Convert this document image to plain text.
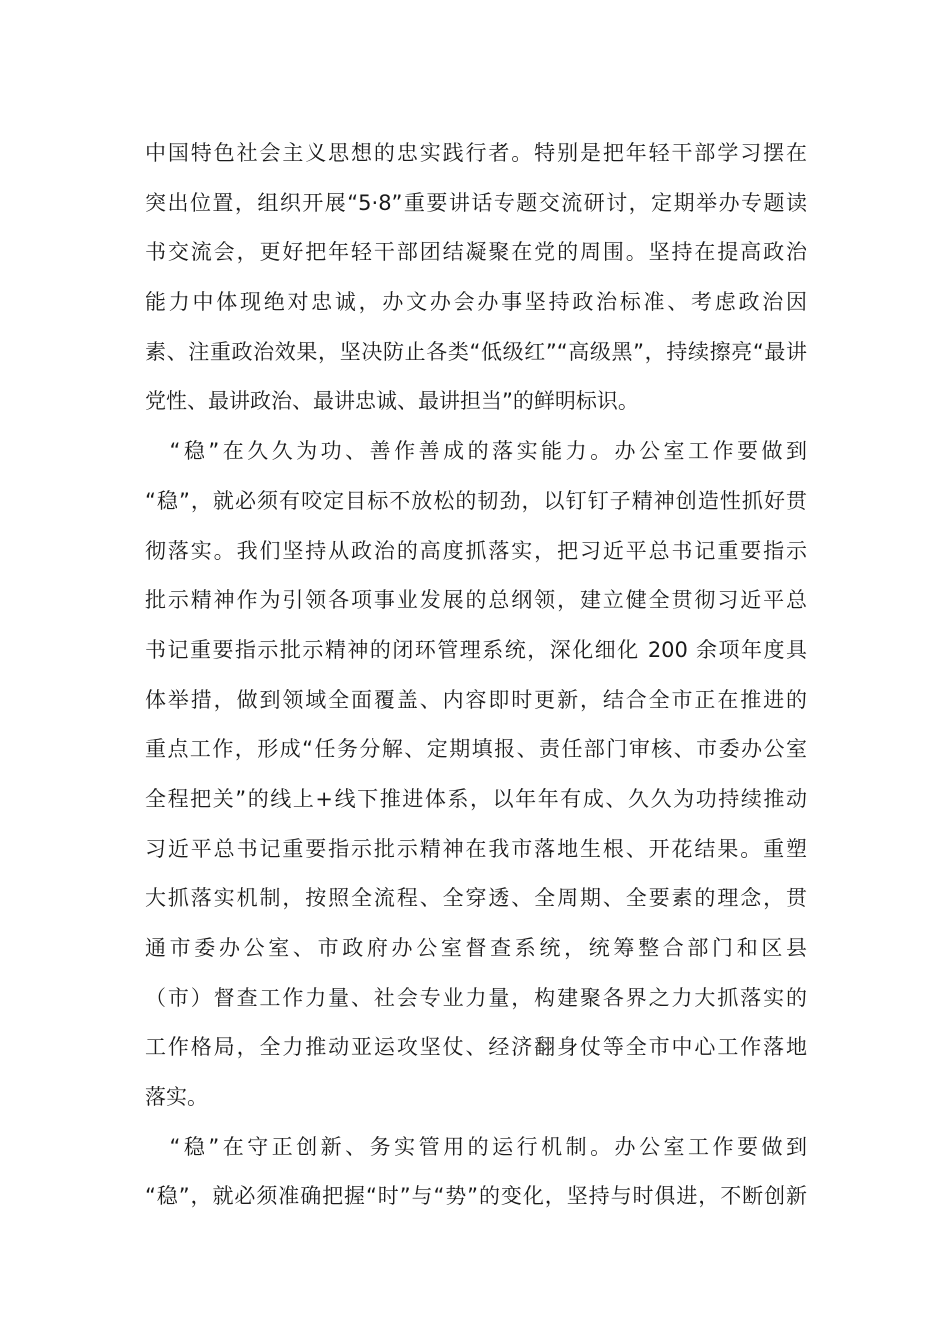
中国特色社会主义思想的忠实践行者。特别是把年轻干部学习摆在
突出位置，组织开展“5·8”重要讲话专题交流研讨，定期举办专题读
书交流会，更好把年轻干部团结凝聚在党的周围。坚持在提高政治
能力中体现绝对忠诚，办文办会办事坚持政治标准、考虑政治因
素、注重政治效果，坚决防止各类“低级红”“高级黑”，持续擦亮“最讲
党性、最讲政治、最讲忠诚、最讲担当”的鲜明标识。
　“稳”在久久为功、善作善成的落实能力。办公室工作要做到
“稳”，就必须有咬定目标不放松的韧劲，以钉钉子精神创造性抓好贯
彻落实。我们坚持从政治的高度抓落实，把习近平总书记重要指示
批示精神作为引领各项事业发展的总纲领，建立健全贯彻习近平总
书记重要指示批示精神的闭环管理系统，深化细化 200 余项年度具
体举措，做到领域全面覆盖、内容即时更新，结合全市正在推进的
重点工作，形成“任务分解、定期填报、责任部门审核、市委办公室
全程把关”的线上+线下推进体系，以年年有成、久久为功持续推动
习近平总书记重要指示批示精神在我市落地生根、开花结果。重塑
大抓落实机制，按照全流程、全穿透、全周期、全要素的理念，贯
通市委办公室、市政府办公室督查系统，统筹整合部门和区县
（市）督查工作力量、社会专业力量，构建聚各界之力大抓落实的
工作格局，全力推动亚运攻坚仗、经济翻身仗等全市中心工作落地
落实。
　“稳”在守正创新、务实管用的运行机制。办公室工作要做到
“稳”，就必须准确把握“时”与“势”的变化，坚持与时俱进，不断创新
